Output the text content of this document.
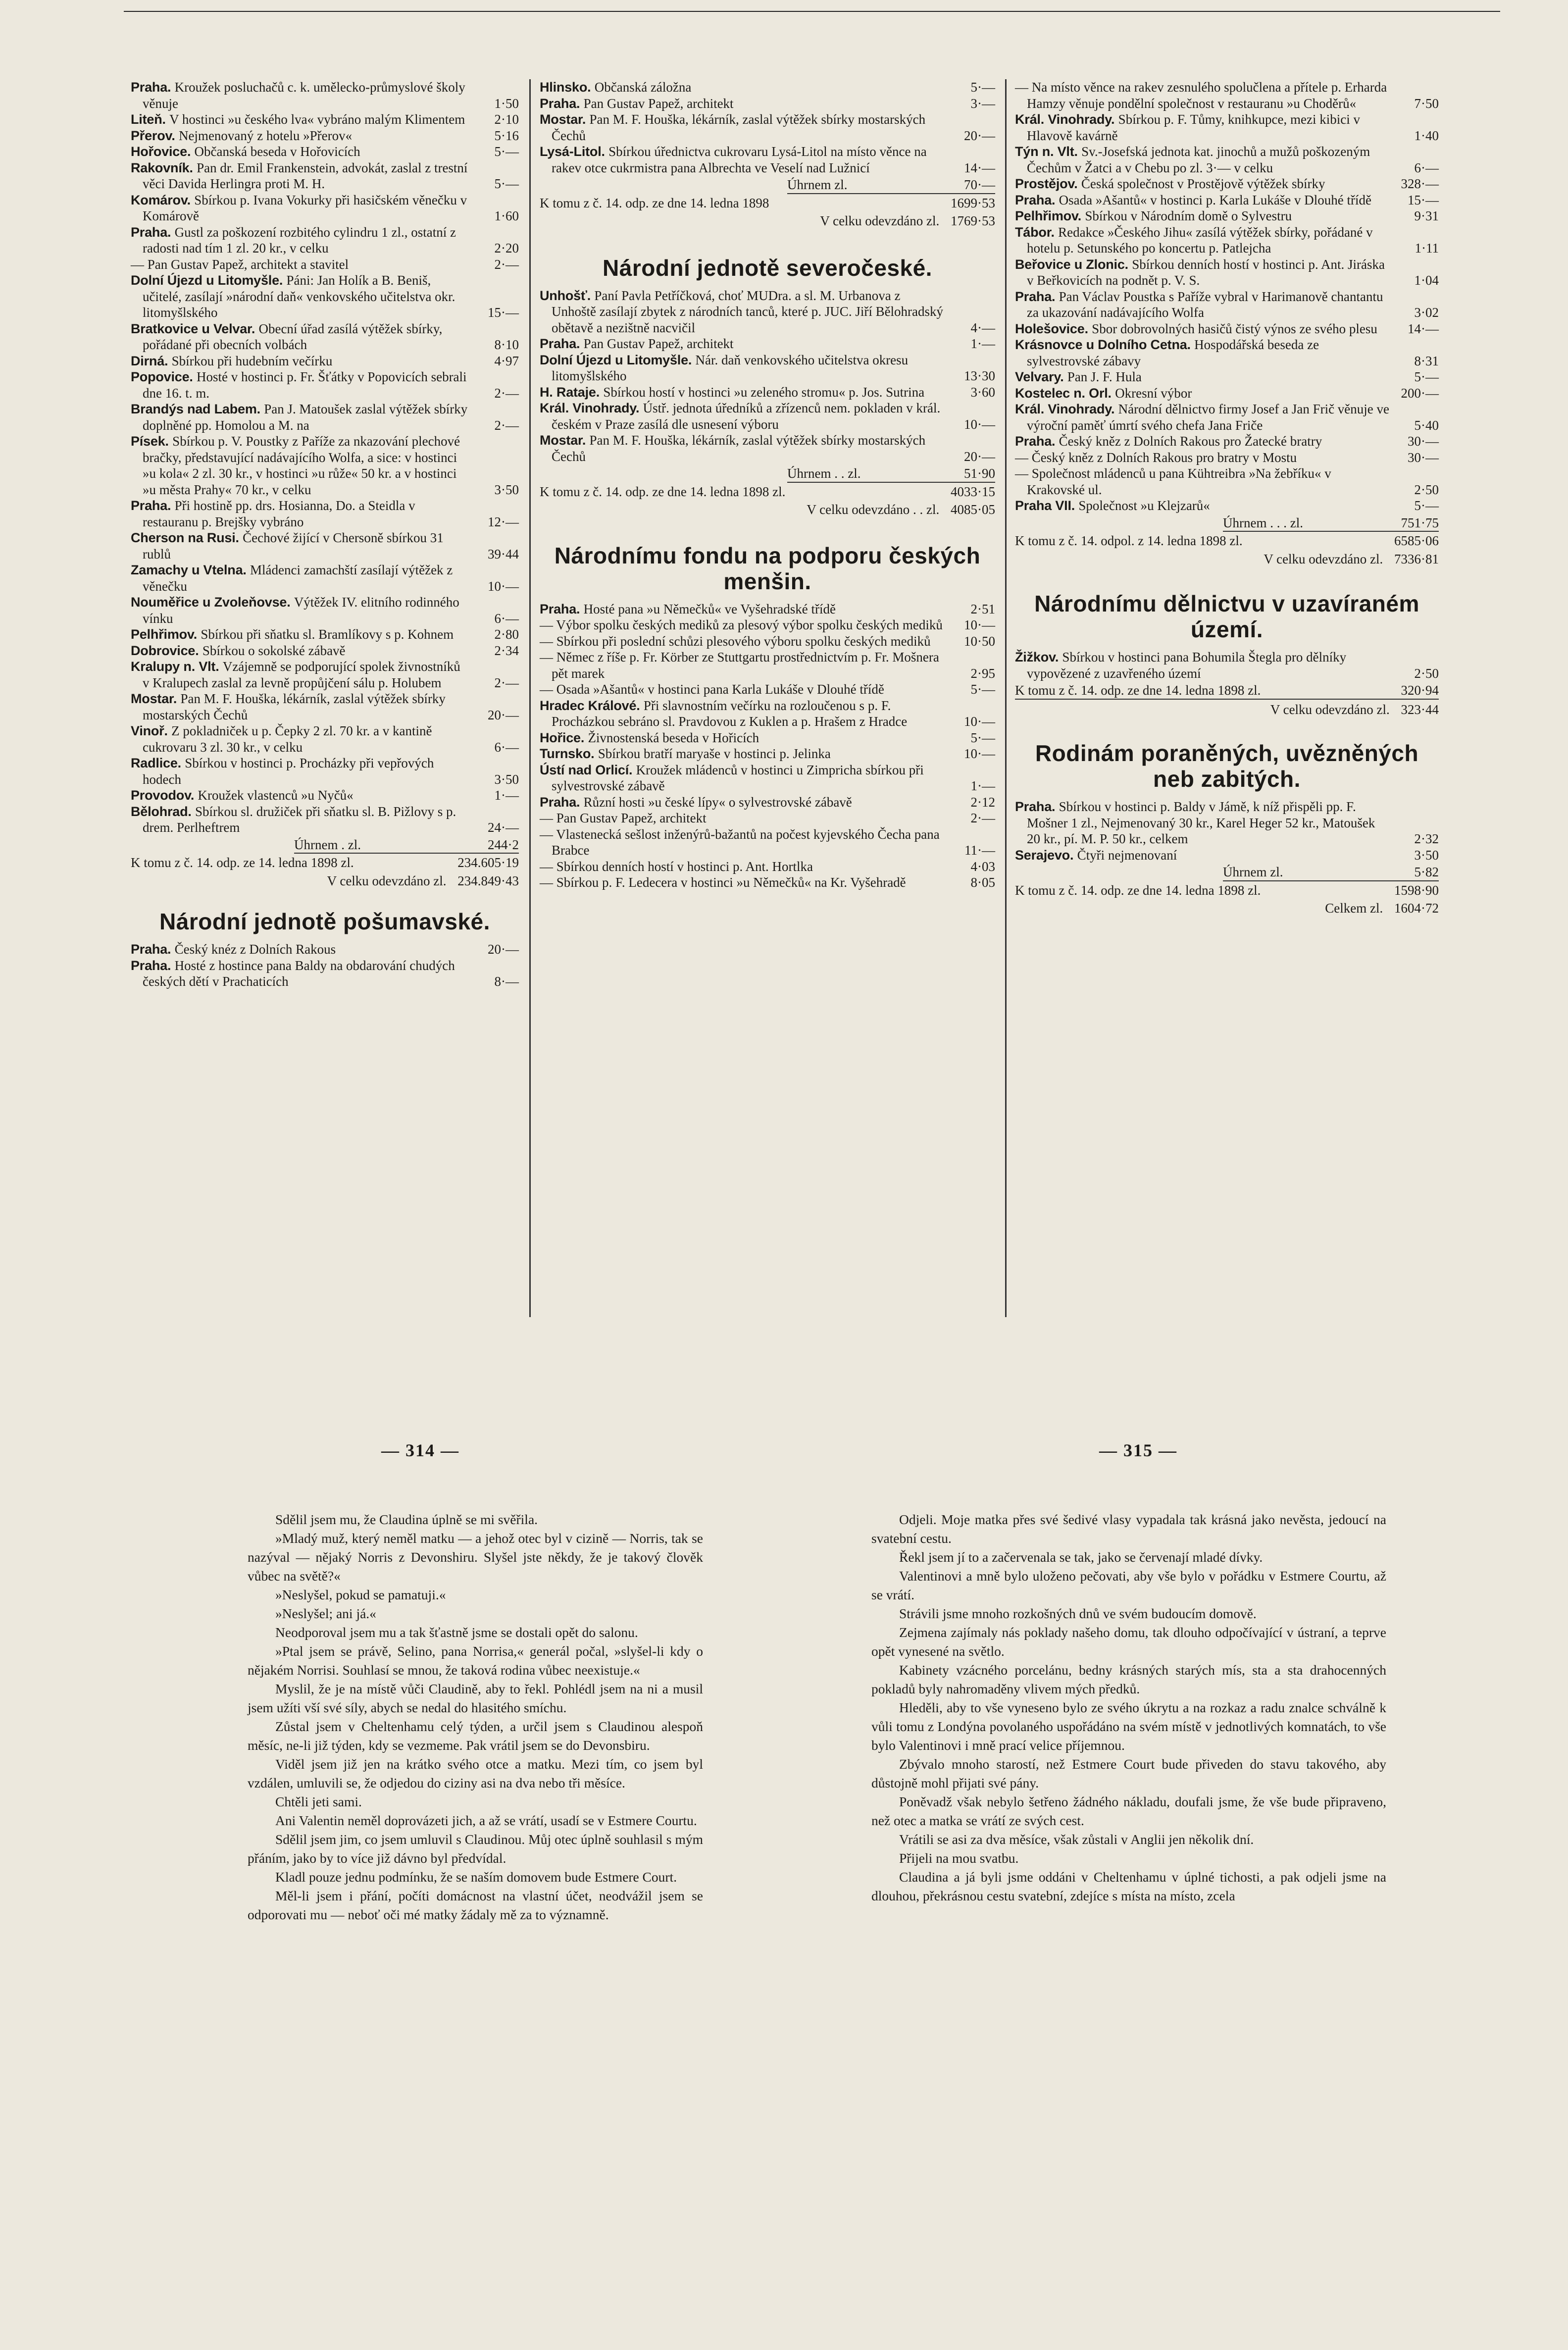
Praha. Kroužek posluchačů c. k. umělecko-průmyslové školy věnuje	1·50

Liteň. V hostinci »u českého lva« vybráno malým Klimentem 2·10

Přerov. Nejmenovaný z hotelu »Přerov«	5·16

Hořovice. Občanská beseda v Hořovicích	5·—

Rakovník. Pan dr. Emil Frankenstein, advokát, zaslal z trestní věci Davida Herlingra proti M. H.	5·—

Komárov. Sbírkou p. Ivana Vokurky při hasičském věnečku v Komárově	1·60

Praha. Gustl za poškození rozbitého cylindru 1 zl., ostatní z radosti nad tím 1 zl. 20 kr., v celku	2·20

— Pan Gustav Papež, architekt a stavitel	2·—

Dolní Újezd u Litomyšle. Páni: Jan Holík a B. Beniš, učitelé, zasílají »národní daň« venkovského učitelstva okr. litomyšlského	15·—

Bratkovice u Velvar. Obecní úřad zasílá výtěžek sbírky, pořádané při obecních volbách	8·10

Dirná. Sbírkou při hudebním večírku	4·97

Popovice. Hosté v hostinci p. Fr. Šťátky v Popovicích sebrali dne 16. t. m.	2·—

Brandýs nad Labem. Pan J. Matoušek zaslal výtěžek sbírky doplněné pp. Homolou a M. na	2·—

Písek. Sbírkou p. V. Poustky z Paříže za nkazování plechové bračky, představující nadávajícího Wolfa, a sice: v hostinci »u kola« 2 zl. 30 kr., v hostinci »u růže« 50 kr. a v hostinci »u města Prahy« 70 kr., v celku	3·50

Praha. Při hostině pp. drs. Hosianna, Do. a Steidla v restauranu p. Brejšky vybráno	12·—

Cherson na Rusi. Čechové žijící v Chersoně sbírkou 31 rublů	39·44

Zamachy u Vtelna. Mládenci zamachští zasílají výtěžek z věnečku	10·—

Nouměřice u Zvoleňovse. Výtěžek IV. elitního rodinného vínku	6·—

Pelhřimov. Sbírkou při sňatku sl. Bramlíkovy s p. Kohnem	2·80

Dobrovice. Sbírkou o sokolské zábavě	2·34

Kralupy n. Vlt. Vzájemně se podporující spolek živnostníků v Kralupech zaslal za levně propůjčení sálu p. Holubem	2·—

Mostar. Pan M. F. Houška, lékárník, zaslal výtěžek sbírky mostarských Čechů	20·—

Vinoř. Z pokladniček u p. Čepky 2 zl. 70 kr. a v kantině cukrovaru 3 zl. 30 kr., v celku	6·—

Radlice. Sbírkou v hostinci p. Procházky při vepřových hodech	3·50

Provodov. Kroužek vlastenců »u Nyčů«	1·—

Bělohrad. Sbírkou sl. družiček při sňatku sl. B. Pižlovy s p. drem. Perlheftrem	24·—

Úhrnem . zl.	244·2
K tomu z č. 14. odp. ze 14. ledna 1898 zl.	234.605·19
V celku odevzdáno zl. 234.849·43
Národní jednotě pošumavské.

Praha. Český knéz z Dolních Rakous	20·—

Praha. Hosté z hostince pana Baldy na obdarování chudých českých dětí v Prachaticích	8·—

Hlinsko. Občanská záložna	5·—

Praha. Pan Gustav Papež, architekt	3·—

Mostar. Pan M. F. Houška, lékárník, zaslal výtěžek sbírky mostarských Čechů	20·—

Lysá-Litol. Sbírkou úřednictva cukrovaru Lysá-Litol na místo věnce na rakev otce cukrmistra pana Albrechta ve Veselí nad Lužnicí	14·—

Úhrnem zl.	70·—
K tomu z č. 14. odp. ze dne 14. ledna 1898	1699·53
V celku odevzdáno zl. 1769·53
Národní jednotě severočeské.

Unhošť. Paní Pavla Petříčková, choť MUDra. a sl. M. Urbanova z Unhoště zasílají zbytek z národních tanců, které p. JUC. Jiří Bělohradský obětavě a nezištně nacvičil	4·—

Praha. Pan Gustav Papež, architekt	1·—

Dolní Újezd u Litomyšle. Nár. daň venkovského učitelstva okresu litomyšlského	13·30

H. Rataje. Sbírkou hostí v hostinci »u zeleného stromu« p. Jos. Sutrina	3·60

Král. Vinohrady. Ústř. jednota úředníků a zřízenců nem. pokladen v král. českém v Praze zasílá dle usnesení výboru	10·—

Mostar. Pan M. F. Houška, lékárník, zaslal výtěžek sbírky mostarských Čechů	20·—

Úhrnem . . zl.	51·90
K tomu z č. 14. odp. ze dne 14. ledna 1898 zl.	4033·15
V celku odevzdáno . . zl. 4085·05
Národnímu fondu na podporu českých menšin.

Praha. Hosté pana »u Němečků« ve Vyšehradské třídě	2·51

— Výbor spolku českých mediků za plesový výbor spolku českých mediků 10·—

— Sbírkou při poslední schůzi plesového výboru spolku českých mediků 10·50

— Němec z říše p. Fr. Körber ze Stuttgartu prostřednictvím p. Fr. Mošnera pět marek	2·95

— Osada »Ašantů« v hostinci pana Karla Lukáše v Dlouhé třídě	5·—

Hradec Králové. Při slavnostním večírku na rozloučenou s p. F. Procházkou sebráno sl. Pravdovou z Kuklen a p. Hrašem z Hradce	10·—

Hořice. Živnostenská beseda v Hořicích	5·—

Turnsko. Sbírkou bratří maryaše v hostinci p. Jelinka	10·—

Ústí nad Orlicí. Kroužek mládenců v hostinci u Zimpricha sbírkou při sylvestrovské zábavě	1·—

Praha. Různí hosti »u české lípy« o sylvestrovské zábavě	2·12

— Pan Gustav Papež, architekt	2·—

— Vlastenecká sešlost inženýrů-bažantů na počest kyjevského Čecha pana Brabce	11·—

— Sbírkou denních hostí v hostinci p. Ant. Hortlka	4·03

— Sbírkou p. F. Ledecera v hostinci »u Němečků« na Kr. Vyšehradě	8·05

— Na místo věnce na rakev zesnulého spolučlena a přítele p. Erharda Hamzy věnuje pondělní společnost v restauranu »u Choděrů«	7·50

Král. Vinohrady. Sbírkou p. F. Tůmy, knihkupce, mezi kibici v Hlavově kavárně	1·40

Týn n. Vlt. Sv.-Josefská jednota kat. jinochů a mužů poškozeným Čechům v Žatci a v Chebu po zl. 3·— v celku	6·—

Prostějov. Česká společnost v Prostějově výtěžek sbírky	328·—

Praha. Osada »Ašantů« v hostinci p. Karla Lukáše v Dlouhé třídě	15·—

Pelhřimov. Sbírkou v Národním domě o Sylvestru	9·31

Tábor. Redakce »Českého Jihu« zasílá výtěžek sbírky, pořádané v hotelu p. Setunského po koncertu p. Patlejcha	1·11

Beřovice u Zlonic. Sbírkou denních hostí v hostinci p. Ant. Jiráska v Beřkovicích na podnět p. V. S.	1·04

Praha. Pan Václav Poustka s Paříže vybral v Harimanově chantantu za ukazování nadávajícího Wolfa	3·02

Holešovice. Sbor dobrovolných hasičů čistý výnos ze svého plesu 14·—

Krásnovce u Dolního Cetna. Hospodářská beseda ze sylvestrovské zábavy	8·31

Velvary. Pan J. F. Hula	5·—

Kostelec n. Orl. Okresní výbor	200·—

Král. Vinohrady. Národní dělnictvo firmy Josef a Jan Frič věnuje ve výroční paměť úmrtí svého chefa Jana Friče	5·40

Praha. Český kněz z Dolních Rakous pro Žatecké bratry	30·—

— Český kněz z Dolních Rakous pro bratry v Mostu	30·—

— Společnost mládenců u pana Kühtreibra »Na žebříku« v Krakovské ul.	2·50

Praha VII. Společnost »u Klejzarů«	5·—

Úhrnem . . . zl.	751·75
K tomu z č. 14. odpol. z 14. ledna 1898 zl.	6585·06
V celku odevzdáno zl. 7336·81
Národnímu dělnictvu v uzavíraném území.

Žižkov. Sbírkou v hostinci pana Bohumila Štegla pro dělníky vypovězené z uzavřeného území	2·50

K tomu z č. 14. odp. ze dne 14. ledna 1898 zl.	320·94
V celku odevzdáno zl. 323·44
Rodinám poraněných, uvězněných neb zabitých.

Praha. Sbírkou v hostinci p. Baldy v Jámě, k níž přispěli pp. F. Mošner 1 zl., Nejmenovaný 30 kr., Karel Heger 52 kr., Matoušek 20 kr., pí. M. P. 50 kr., celkem	2·32

Serajevo. Čtyři nejmenovaní	3·50

Úhrnem zl.	5·82
K tomu z č. 14. odp. ze dne 14. ledna 1898 zl.	1598·90
Celkem zl. 1604·72
— 314 —	— 315 —

Sdělil jsem mu, že Claudina úplně se mi svěřila.

»Mladý muž, který neměl matku — a jehož otec byl v cizině — Norris, tak se nazýval — nějaký Norris z Devonshiru. Slyšel jste někdy, že je takový člověk vůbec na světě?«

»Neslyšel, pokud se pamatuji.«

»Neslyšel; ani já.«

Neodporoval jsem mu a tak šťastně jsme se dostali opět do salonu.

»Ptal jsem se právě, Selino, pana Norrisa,« generál počal, »slyšel-li kdy o nějakém Norrisi. Souhlasí se mnou, že taková rodina vůbec neexistuje.«

Myslil, že je na místě vůči Claudině, aby to řekl. Pohlédl jsem na ni a musil jsem užíti vší své síly, abych se nedal do hlasitého smíchu.

Zůstal jsem v Cheltenhamu celý týden, a určil jsem s Claudinou alespoň měsíc, ne-li již týden, kdy se vezmeme. Pak vrátil jsem se do Devonsbiru.

Viděl jsem již jen na krátko svého otce a matku. Mezi tím, co jsem byl vzdálen, umluvili se, že odjedou do ciziny asi na dva nebo tři měsíce.

Chtěli jeti sami.

Ani Valentin neměl doprovázeti jich, a až se vrátí, usadí se v Estmere Courtu.

Sdělil jsem jim, co jsem umluvil s Claudinou. Můj otec úplně souhlasil s mým přáním, jako by to více již dávno byl předvídal.

Kladl pouze jednu podmínku, že se naším domovem bude Estmere Court.

Měl-li jsem i přání, počíti domácnost na vlastní účet, neodvážil jsem se odporovati mu — neboť oči mé matky žádaly mě za to významně.

Odjeli. Moje matka přes své šedivé vlasy vypadala tak krásná jako nevěsta, jedoucí na svatební cestu.

Řekl jsem jí to a začervenala se tak, jako se červenají mladé dívky.

Valentinovi a mně bylo uloženo pečovati, aby vše bylo v pořádku v Estmere Courtu, až se vrátí.

Strávili jsme mnoho rozkošných dnů ve svém budoucím domově.

Zejmena zajímaly nás poklady našeho domu, tak dlouho odpočívající v ústraní, a teprve opět vynesené na světlo.

Kabinety vzácného porcelánu, bedny krásných starých mís, sta a sta drahocenných pokladů byly nahromaděny vlivem mých předků.

Hleděli, aby to vše vyneseno bylo ze svého úkrytu a na rozkaz a radu znalce schválně k vůli tomu z Londýna povolaného uspořádáno na svém místě v jednotlivých komnatách, to vše bylo Valentinovi i mně prací velice příjemnou.

Zbývalo mnoho starostí, než Estmere Court bude přiveden do stavu takového, aby důstojně mohl přijati své pány.

Poněvadž však nebylo šetřeno žádného nákladu, doufali jsme, že vše bude připraveno, než otec a matka se vrátí ze svých cest.

Vrátili se asi za dva měsíce, však zůstali v Anglii jen několik dní.

Přijeli na mou svatbu.

Claudina a já byli jsme oddáni v Cheltenhamu v úplné tichosti, a pak odjeli jsme na dlouhou, překrásnou cestu svatební, zdejíce s místa na místo, zcela
